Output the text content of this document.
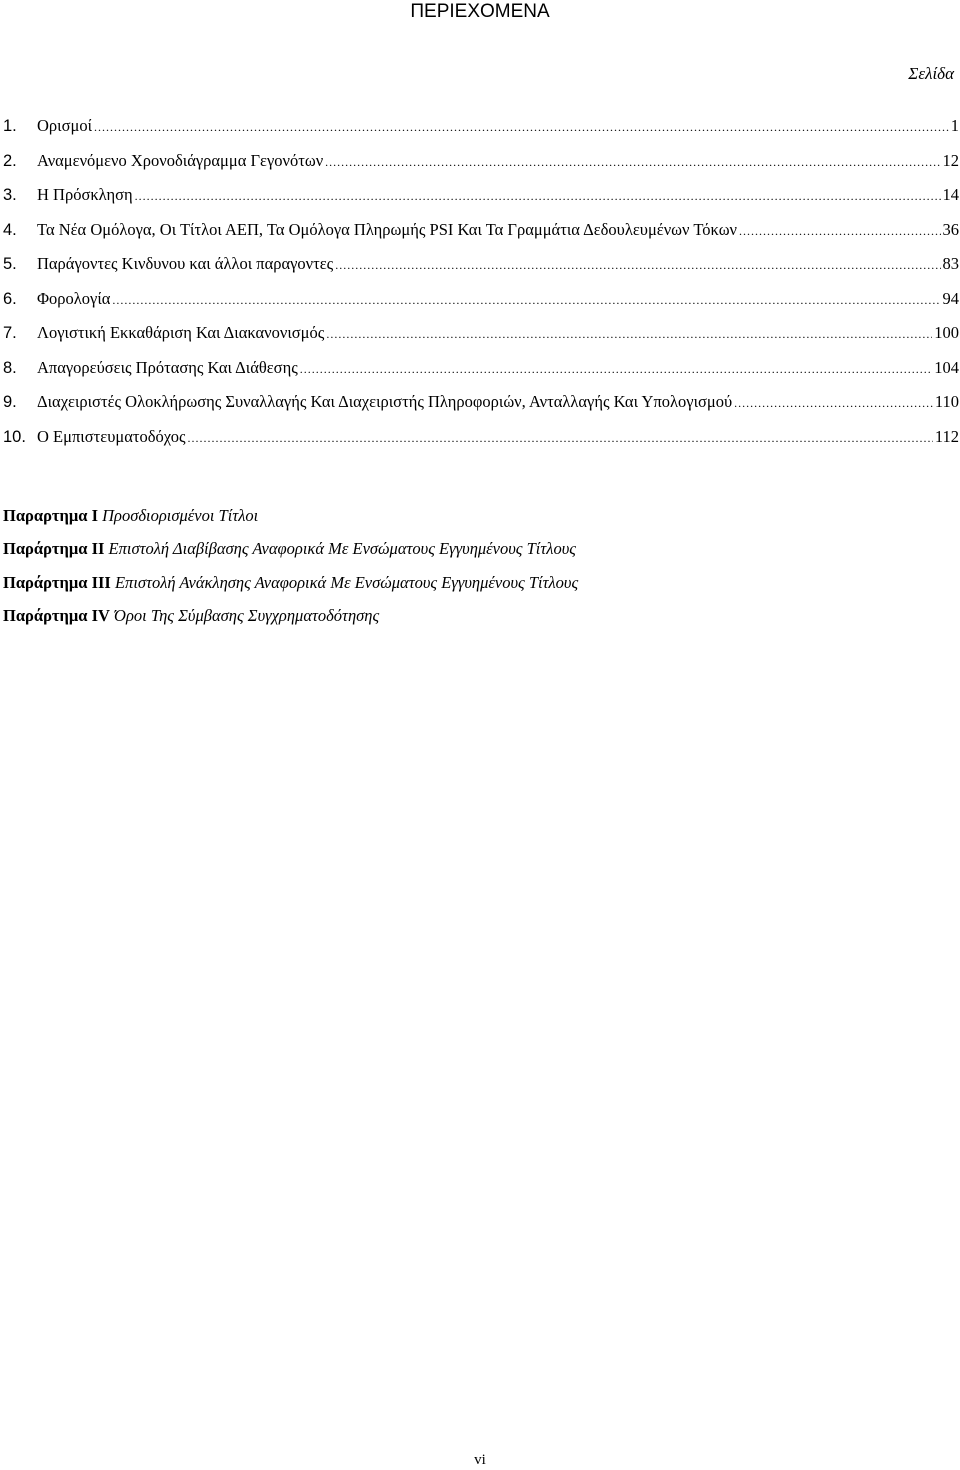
ΠΕΡΙΕΧΟΜΕΝΑ
Σελίδα
1.	Ορισμοί .....	1
2.	Αναμενόμενο Χρονοδιάγραμμα Γεγονότων .....	12
3.	Η Πρόσκληση .....	14
4.	Τα Νέα Ομόλογα, Οι Τίτλοι ΑΕΠ, Τα Ομόλογα Πληρωμής PSI Και Τα Γραμμάτια Δεδουλευμένων Τόκων .....	36
5.	Παράγοντες Κινδυνου και άλλοι παραγοντες .....	83
6.	Φορολογία .....	94
7.	Λογιστική Εκκαθάριση Και Διακανονισμός .....	100
8.	Απαγορεύσεις Πρότασης Και Διάθεσης .....	104
9.	Διαχειριστές Ολοκλήρωσης Συναλλαγής Και Διαχειριστής Πληροφοριών, Ανταλλαγής Και Υπολογισμού .....	110
10. Ο Εμπιστευματοδόχος .....	112
Παραρτημα Ι Προσδιορισμένοι Τίτλοι
Παράρτημα ΙΙ Επιστολή Διαβίβασης Αναφορικά Με Ενσώματους Εγγυημένους Τίτλους
Παράρτημα ΙΙΙ Επιστολή Ανάκλησης Αναφορικά Με Ενσώματους Εγγυημένους Τίτλους
Παράρτημα IV Όροι Της Σύμβασης Συγχρηματοδότησης
vi
